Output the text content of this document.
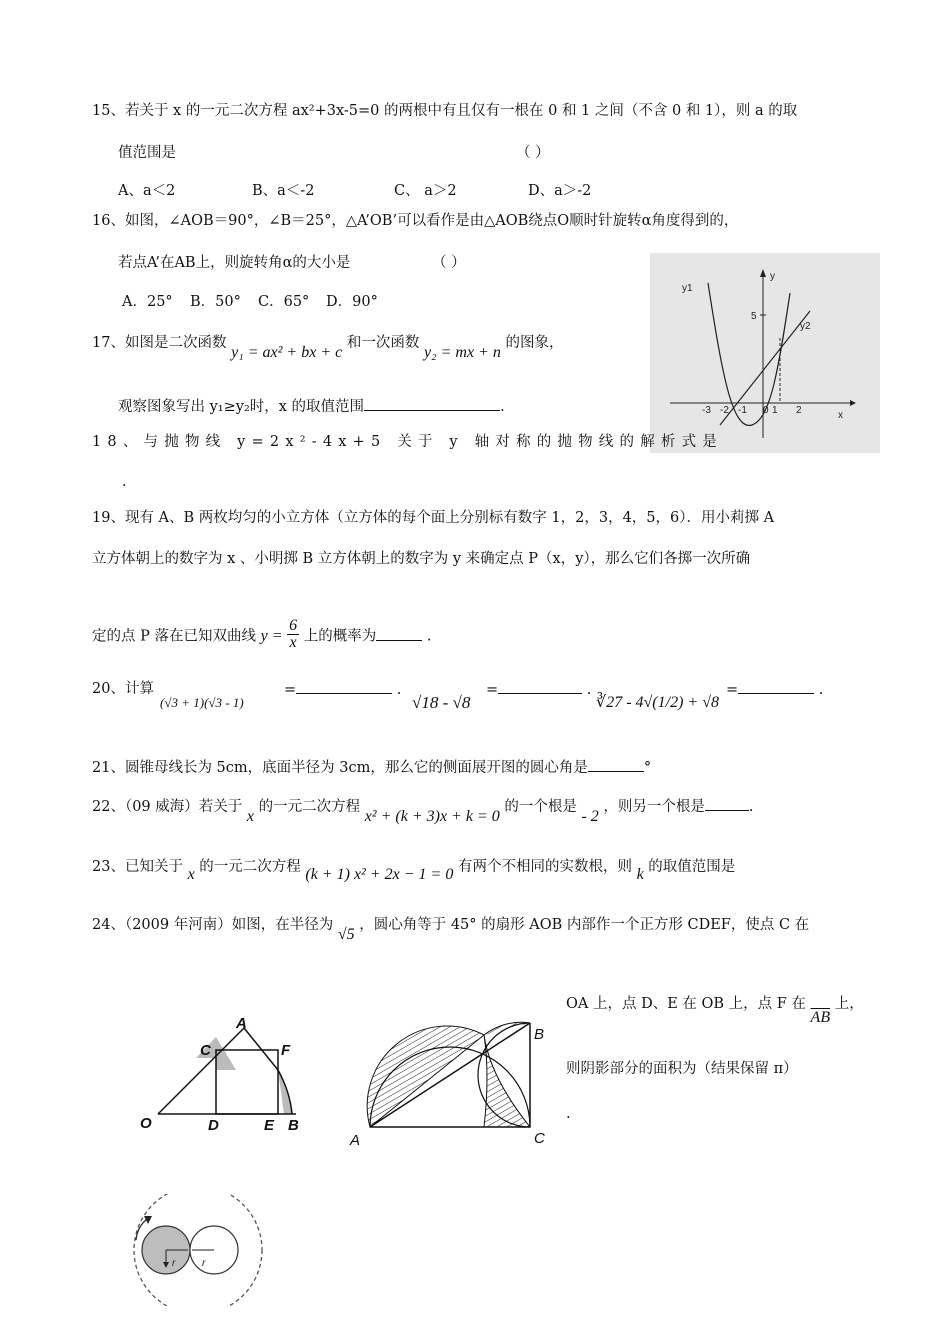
15、若关于 x 的一元二次方程 ax²+3x-5=0 的两根中有且仅有一根在 0 和 1 之间（不含 0 和 1），则 a 的取
值范围是	（ ）
A、a＜2	B、a＜-2	C、 a＞2	D、a＞-2
16、如图，∠AOB＝90°，∠B＝25°，△A’OB’可以看作是由△AOB绕点O顺时针旋转α角度得到的，
若点A’在AB上，则旋转角α的大小是	（ ）
A．25° B．50° C．65° D．90°
y1
y2
y
x
5
-3 -2 -1 0 1 2
17、如图是二次函数 y₁ = ax² + bx + c 和一次函数 y₂ = mx + n 的图象，
观察图象写出 y₁≥y₂时，x 的取值范围	.
18、与抛物线 y=2x²-4x+5 关于 y 轴对称的抛物线的解析式是
.
19、现有 A、B 两枚均匀的小立方体（立方体的每个面上分别标有数字 1，2，3，4，5，6）．用小莉掷 A
立方体朝上的数字为 x 、小明掷 B 立方体朝上的数字为 y 来确定点 P（x，y），那么它们各掷一次所确
定的点 P 落在已知双曲线 $y = \frac{6}{x}$ 上的概率为	.
20、计算
(√3 + 1)(√3 - 1)
=	.
√18 - √8
=	.
∛27 - 4√(1/2) + √8
=	.
21、圆锥母线长为 5cm，底面半径为 3cm，那么它的侧面展开图的圆心角是	°
22、（09 威海）若关于 x 的一元二次方程 x² + (k + 3)x + k = 0 的一个根是 - 2 ，则另一个根是	.
23、已知关于 x 的一元二次方程 (k + 1) x² + 2x − 1 = 0 有两个不相同的实数根，则 k 的取值范围是
24、（2009 年河南）如图，在半径为 √5 ，圆心角等于 45° 的扇形 AOB 内部作一个正方形 CDEF，使点 C 在
OA 上，点 D、E 在 OB 上，点 F 在 $\overline{AB}$ 上，
则阴影部分的面积为（结果保留 π）
.
A
C	F
O	D	E B
A
B
C
r	r
